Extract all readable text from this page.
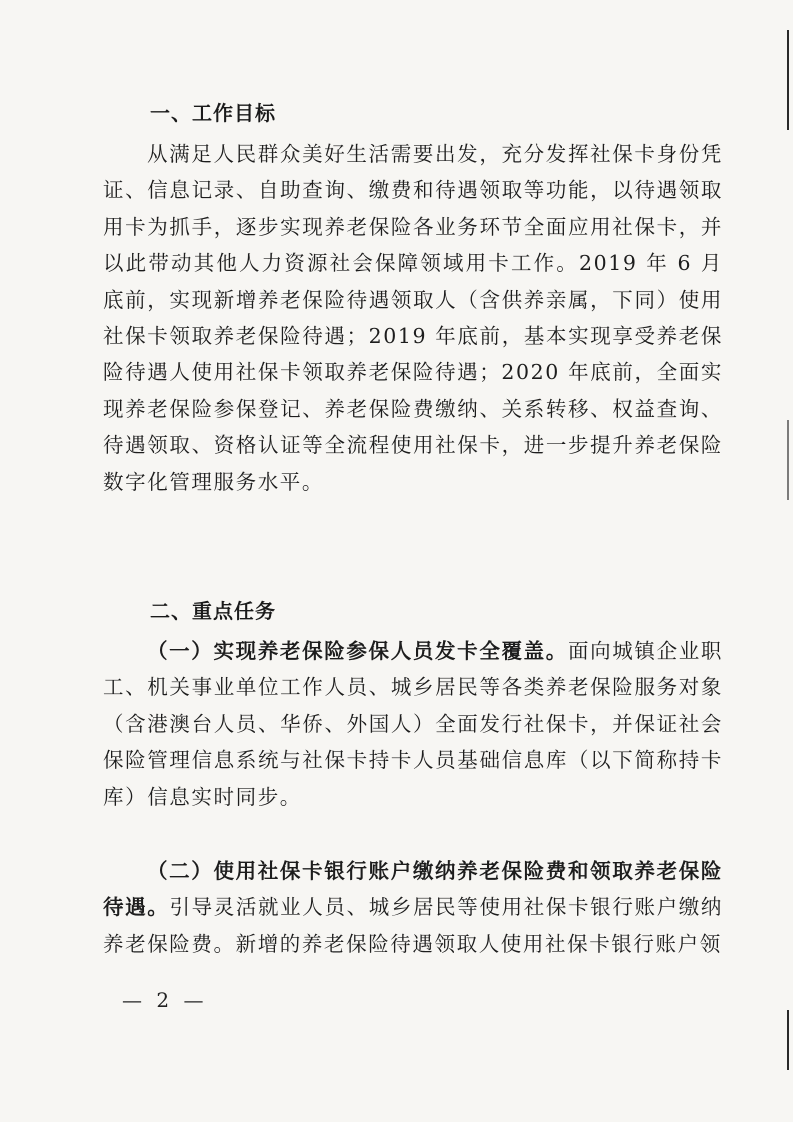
一、工作目标

从满足人民群众美好生活需要出发，充分发挥社保卡身份凭证、信息记录、自助查询、缴费和待遇领取等功能，以待遇领取用卡为抓手，逐步实现养老保险各业务环节全面应用社保卡，并以此带动其他人力资源社会保障领域用卡工作。2019 年 6 月底前，实现新增养老保险待遇领取人（含供养亲属，下同）使用社保卡领取养老保险待遇；2019 年底前，基本实现享受养老保险待遇人使用社保卡领取养老保险待遇；2020 年底前，全面实现养老保险参保登记、养老保险费缴纳、关系转移、权益查询、待遇领取、资格认证等全流程使用社保卡，进一步提升养老保险数字化管理服务水平。

二、重点任务

（一）实现养老保险参保人员发卡全覆盖。面向城镇企业职工、机关事业单位工作人员、城乡居民等各类养老保险服务对象（含港澳台人员、华侨、外国人）全面发行社保卡，并保证社会保险管理信息系统与社保卡持卡人员基础信息库（以下简称持卡库）信息实时同步。

（二）使用社保卡银行账户缴纳养老保险费和领取养老保险待遇。引导灵活就业人员、城乡居民等使用社保卡银行账户缴纳养老保险费。新增的养老保险待遇领取人使用社保卡银行账户领

— 2 —
